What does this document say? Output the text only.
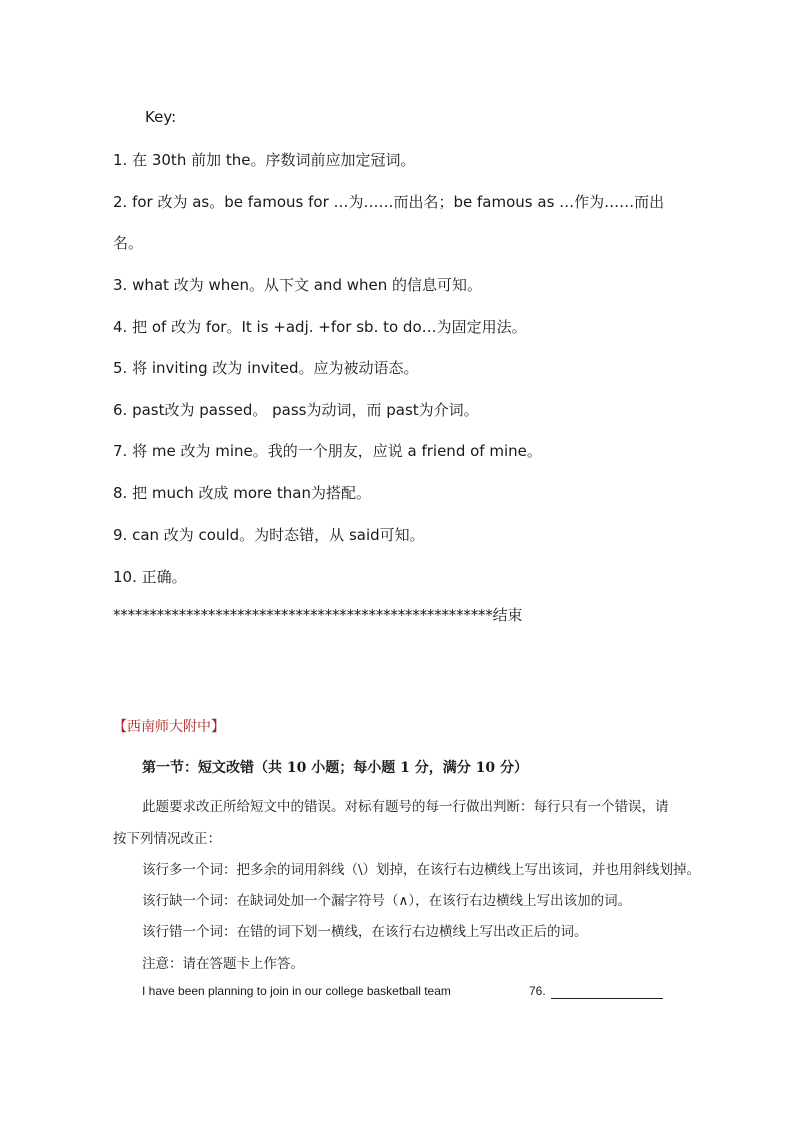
Key:
1. 在 30th 前加 the。序数词前应加定冠词。
2. for 改为 as。be famous for …为……而出名；be famous as …作为……而出
名。
3. what 改为 when。从下文 and when 的信息可知。
4. 把 of 改为 for。It is +adj. +for sb. to do…为固定用法。
5. 将 inviting 改为 invited。应为被动语态。
6. past改为 passed。 pass为动词，而 past为介词。
7. 将 me 改为 mine。我的一个朋友，应说 a friend of mine。
8. 把 much 改成 more than为搭配。
9. can 改为 could。为时态错，从 said可知。
10. 正确。
****************************************************结束
【西南师大附中】
第一节：短文改错（共 10 小题；每小题 1 分，满分 10 分）
此题要求改正所给短文中的错误。对标有题号的每一行做出判断：每行只有一个错误，请
按下列情况改正：
该行多一个词：把多余的词用斜线（\）划掉，在该行右边横线上写出该词，并也用斜线划掉。
该行缺一个词：在缺词处加一个漏字符号（∧），在该行右边横线上写出该加的词。
该行错一个词：在错的词下划一横线，在该行右边横线上写出改正后的词。
注意：请在答题卡上作答。
I have been planning to join in our college basketball team	76.
